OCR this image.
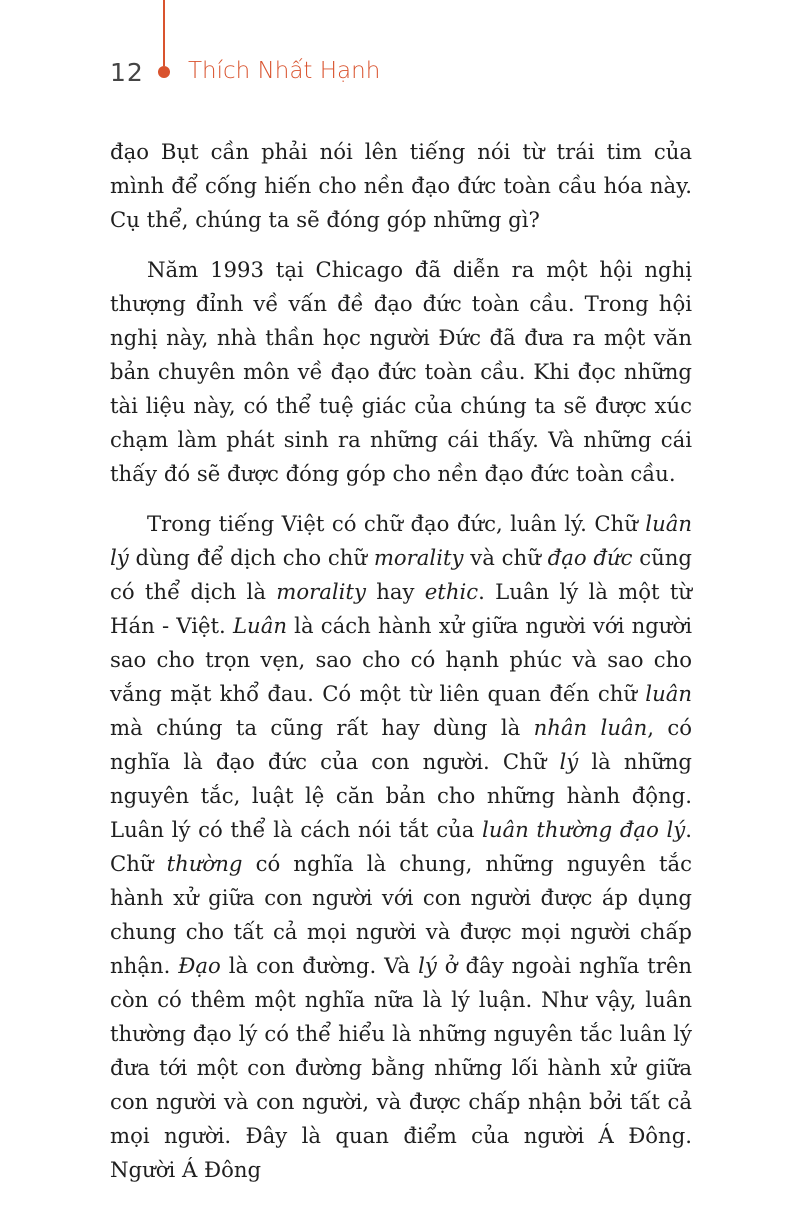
12 Thích Nhất Hạnh

đạo Bụt cần phải nói lên tiếng nói từ trái tim của mình để cống hiến cho nền đạo đức toàn cầu hóa này. Cụ thể, chúng ta sẽ đóng góp những gì?

Năm 1993 tại Chicago đã diễn ra một hội nghị thượng đỉnh về vấn đề đạo đức toàn cầu. Trong hội nghị này, nhà thần học người Đức đã đưa ra một văn bản chuyên môn về đạo đức toàn cầu. Khi đọc những tài liệu này, có thể tuệ giác của chúng ta sẽ được xúc chạm làm phát sinh ra những cái thấy. Và những cái thấy đó sẽ được đóng góp cho nền đạo đức toàn cầu.

Trong tiếng Việt có chữ đạo đức, luân lý. Chữ luân lý dùng để dịch cho chữ morality và chữ đạo đức cũng có thể dịch là morality hay ethic. Luân lý là một từ Hán - Việt. Luân là cách hành xử giữa người với người sao cho trọn vẹn, sao cho có hạnh phúc và sao cho vắng mặt khổ đau. Có một từ liên quan đến chữ luân mà chúng ta cũng rất hay dùng là nhân luân, có nghĩa là đạo đức của con người. Chữ lý là những nguyên tắc, luật lệ căn bản cho những hành động. Luân lý có thể là cách nói tắt của luân thường đạo lý. Chữ thường có nghĩa là chung, những nguyên tắc hành xử giữa con người với con người được áp dụng chung cho tất cả mọi người và được mọi người chấp nhận. Đạo là con đường. Và lý ở đây ngoài nghĩa trên còn có thêm một nghĩa nữa là lý luận. Như vậy, luân thường đạo lý có thể hiểu là những nguyên tắc luân lý đưa tới một con đường bằng những lối hành xử giữa con người và con người, và được chấp nhận bởi tất cả mọi người. Đây là quan điểm của người Á Đông. Người Á Đông
